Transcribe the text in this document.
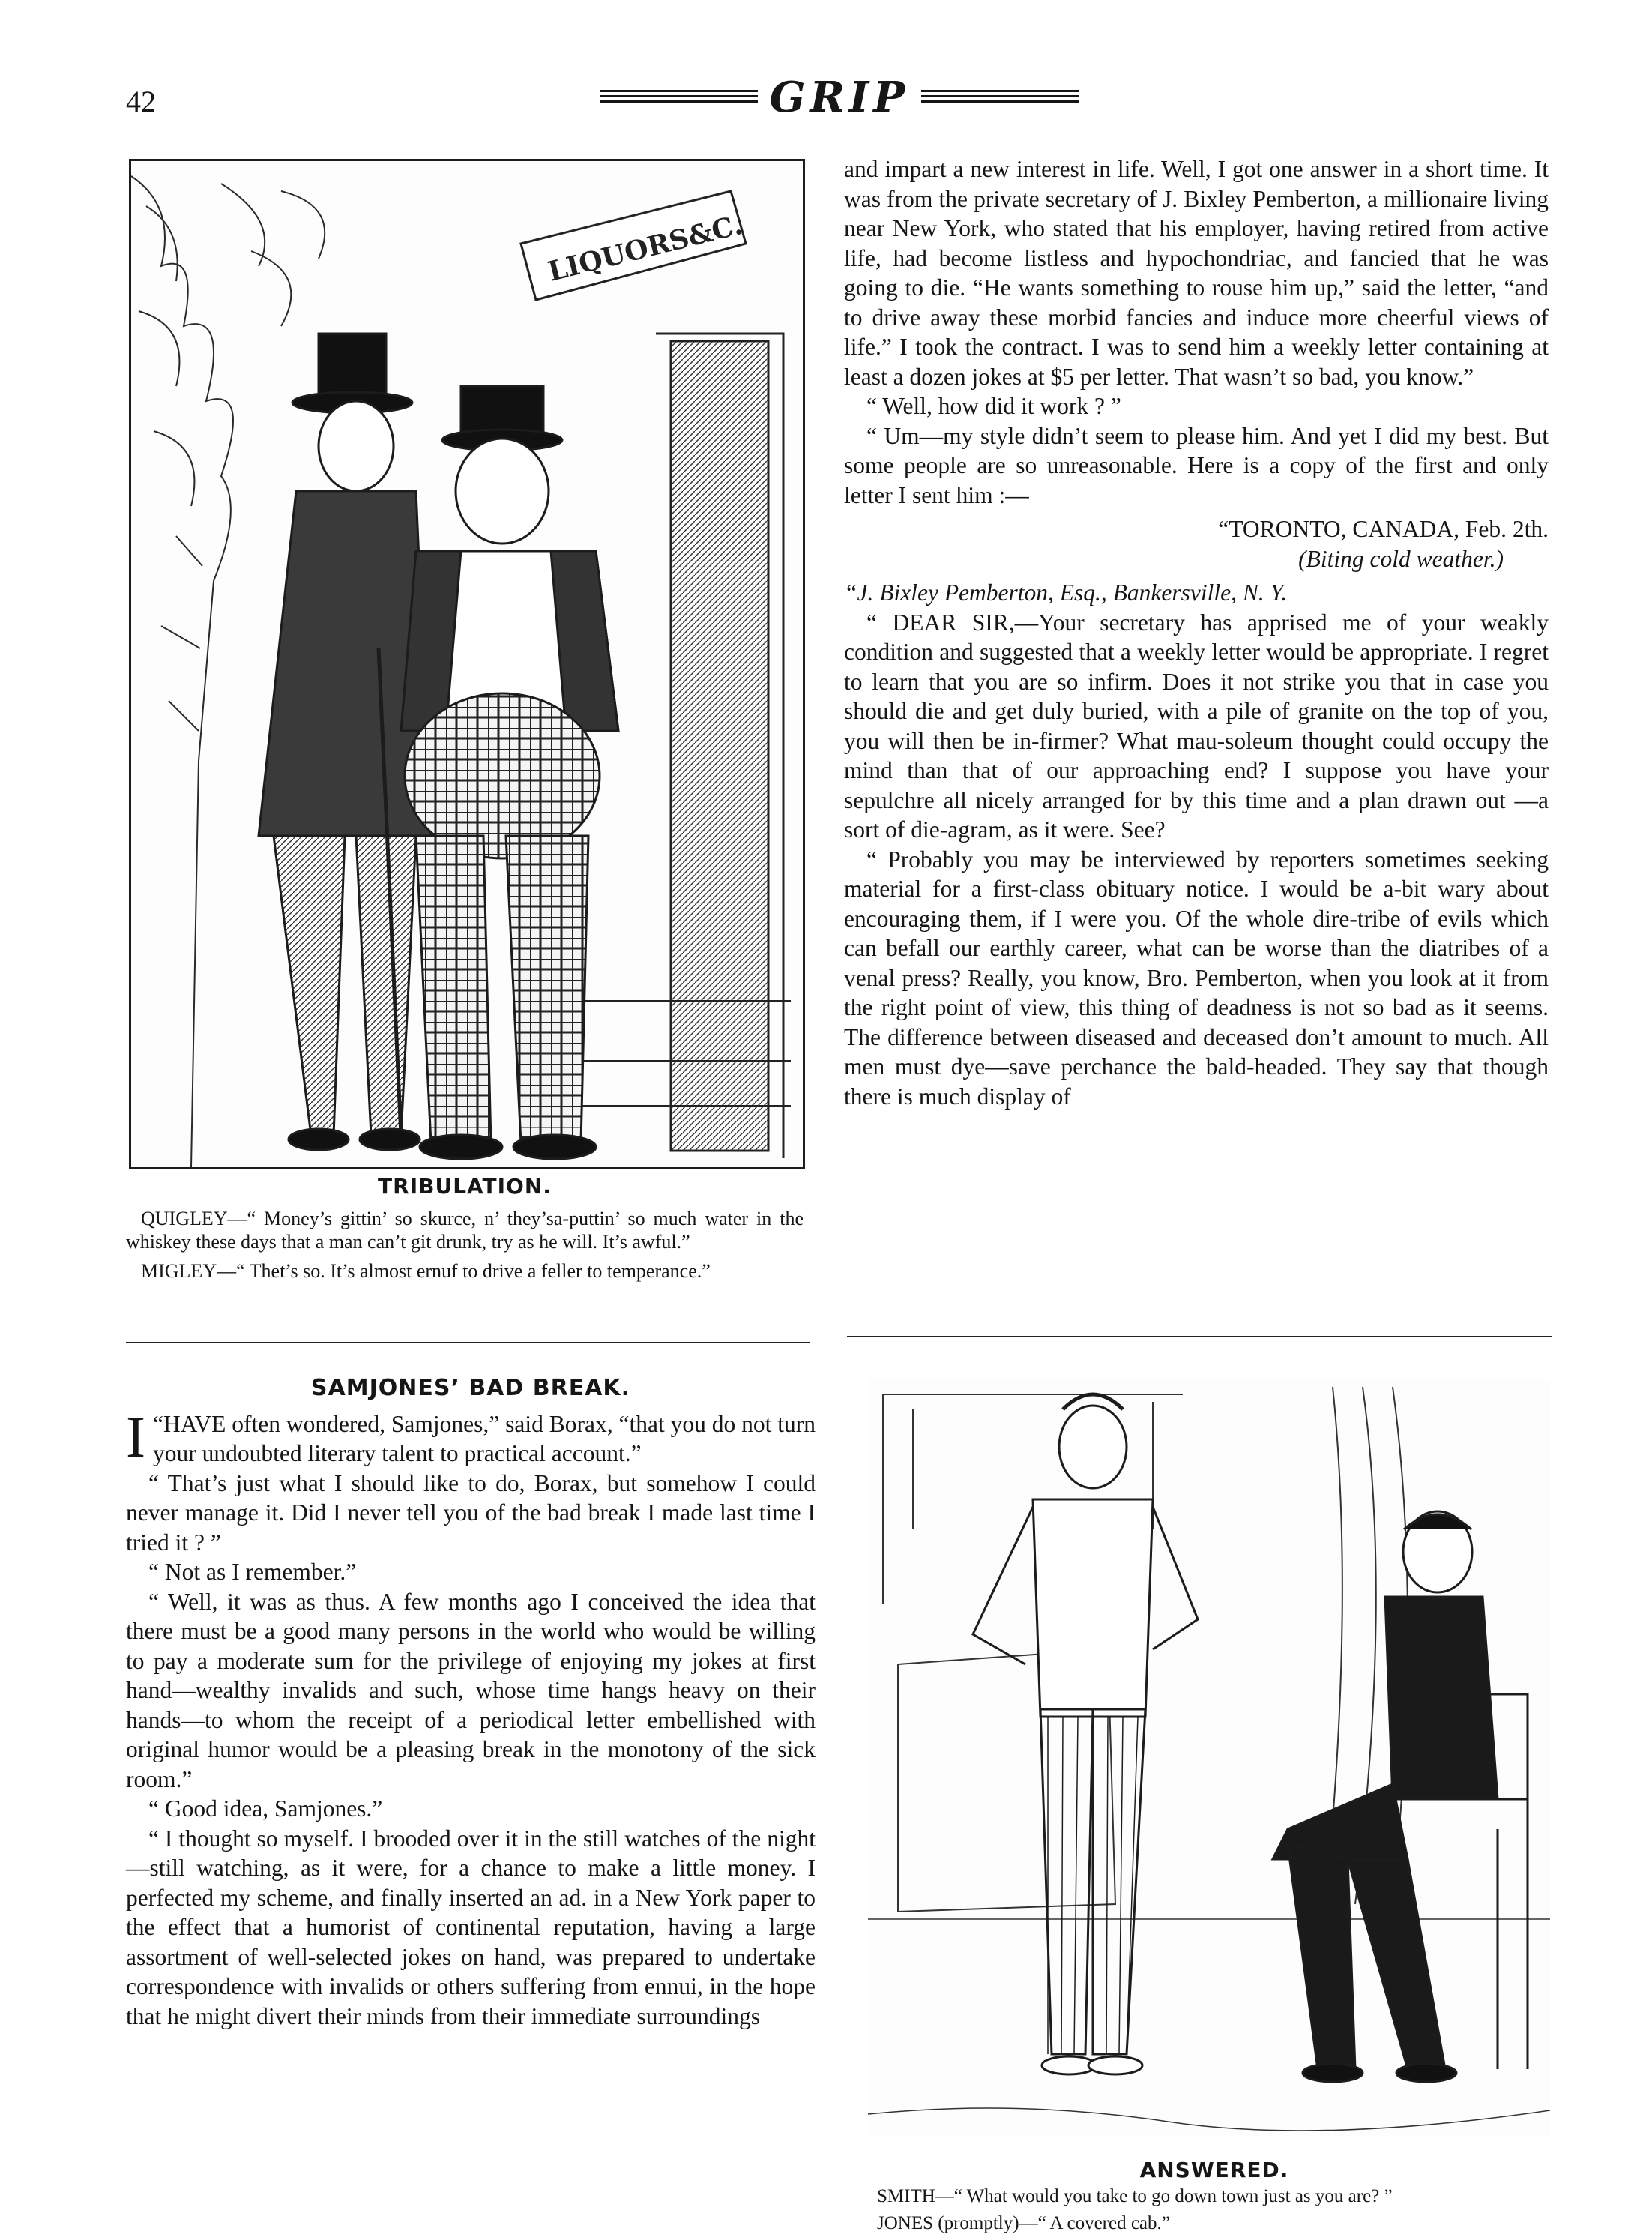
42	GRIP
LIQUORS&C.
TRIBULATION.

QUIGLEY—“ Money’s gittin’ so skurce, n’ they’sa-puttin’ so much water in the whiskey these days that a man can’t git drunk, try as he will. It’s awful.”

MIGLEY—“ Thet’s so. It’s almost ernuf to drive a feller to temperance.”

and impart a new interest in life. Well, I got one answer in a short time. It was from the private secretary of J. Bixley Pemberton, a millionaire living near New York, who stated that his employer, having retired from active life, had become listless and hypochondriac, and fancied that he was going to die. “He wants something to rouse him up,” said the letter, “and to drive away these morbid fancies and induce more cheerful views of life.” I took the contract. I was to send him a weekly letter containing at least a dozen jokes at $5 per letter. That wasn’t so bad, you know.”

“ Well, how did it work ? ”

“ Um—my style didn’t seem to please him. And yet I did my best. But some people are so unreasonable. Here is a copy of the first and only letter I sent him :—

“TORONTO, CANADA, Feb. 2th.

(Biting cold weather.)

“J. Bixley Pemberton, Esq., Bankersville, N. Y.

“ DEAR SIR,—Your secretary has apprised me of your weakly condition and suggested that a weekly letter would be appropriate. I regret to learn that you are so infirm. Does it not strike you that in case you should die and get duly buried, with a pile of granite on the top of you, you will then be in-firmer? What mau-soleum thought could occupy the mind than that of our approaching end? I suppose you have your sepulchre all nicely arranged for by this time and a plan drawn out —a sort of die-agram, as it were. See?

“ Probably you may be interviewed by reporters sometimes seeking material for a first-class obituary notice. I would be a-bit wary about encouraging them, if I were you. Of the whole dire-tribe of evils which can befall our earthly career, what can be worse than the diatribes of a venal press? Really, you know, Bro. Pemberton, when you look at it from the right point of view, this thing of deadness is not so bad as it seems. The difference between diseased and deceased don’t amount to much. All men must dye—save perchance the bald-headed. They say that though there is much display of

SAMJONES’ BAD BREAK.

“
I HAVE often wondered, Samjones,” said Borax, “that you do not turn your undoubted literary talent to practical account.”

“ That’s just what I should like to do, Borax, but somehow I could never manage it. Did I never tell you of the bad break I made last time I tried it ? ”

“ Not as I remember.”

“ Well, it was as thus. A few months ago I conceived the idea that there must be a good many persons in the world who would be willing to pay a moderate sum for the privilege of enjoying my jokes at first hand—wealthy invalids and such, whose time hangs heavy on their hands—to whom the receipt of a periodical letter embellished with original humor would be a pleasing break in the monotony of the sick room.”

“ Good idea, Samjones.”

“ I thought so myself. I brooded over it in the still watches of the night—still watching, as it were, for a chance to make a little money. I perfected my scheme, and finally inserted an ad. in a New York paper to the effect that a humorist of continental reputation, having a large assortment of well-selected jokes on hand, was prepared to undertake correspondence with invalids or others suffering from ennui, in the hope that he might divert their minds from their immediate surroundings

ANSWERED.

SMITH—“ What would you take to go down town just as you are? ”

JONES (promptly)—“ A covered cab.”
